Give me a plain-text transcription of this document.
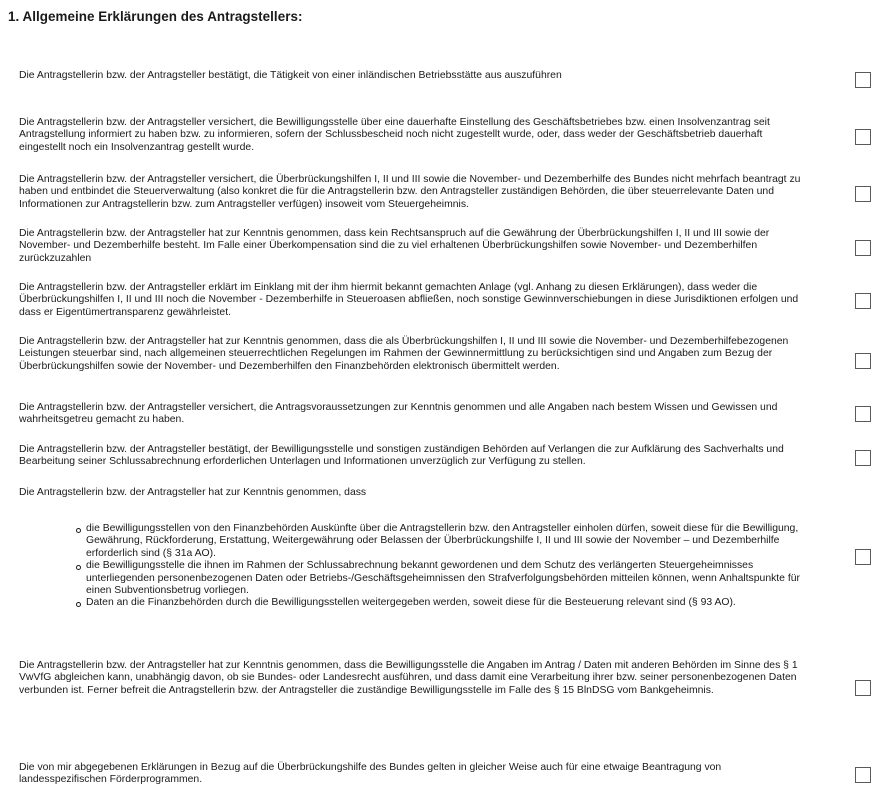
1. Allgemeine Erklärungen des Antragstellers:
Die Antragstellerin bzw. der Antragsteller bestätigt, die Tätigkeit von einer inländischen Betriebsstätte aus auszuführen
Die Antragstellerin bzw. der Antragsteller versichert, die Bewilligungsstelle über eine dauerhafte Einstellung des Geschäftsbetriebes bzw. einen Insolvenzantrag seit Antragstellung informiert zu haben bzw. zu informieren, sofern der Schlussbescheid noch nicht zugestellt wurde, oder, dass weder der Geschäftsbetrieb dauerhaft eingestellt noch ein Insolvenzantrag gestellt wurde.
Die Antragstellerin bzw. der Antragsteller versichert, die Überbrückungshilfen I, II und III sowie die November- und Dezemberhilfe des Bundes nicht mehrfach beantragt zu haben und entbindet die Steuerverwaltung (also konkret die für die Antragstellerin bzw. den Antragsteller zuständigen Behörden, die über steuerrelevante Daten und Informationen zur Antragstellerin bzw. zum Antragsteller verfügen) insoweit vom Steuergeheimnis.
Die Antragstellerin bzw. der Antragsteller hat zur Kenntnis genommen, dass kein Rechtsanspruch auf die Gewährung der Überbrückungshilfen I, II und III sowie der November- und Dezemberhilfe besteht. Im Falle einer Überkompensation sind die zu viel erhaltenen Überbrückungshilfen sowie November- und Dezemberhilfen zurückzuzahlen
Die Antragstellerin bzw. der Antragsteller erklärt im Einklang mit der ihm hiermit bekannt gemachten Anlage (vgl. Anhang zu diesen Erklärungen), dass weder die Überbrückungshilfen I, II und III noch die November - Dezemberhilfe in Steueroasen abfließen, noch sonstige Gewinnverschiebungen in diese Jurisdiktionen erfolgen und dass er Eigentümertransparenz gewährleistet.
Die Antragstellerin bzw. der Antragsteller hat zur Kenntnis genommen, dass die als Überbrückungshilfen I, II und III sowie die November- und Dezemberhilfebezogenen Leistungen steuerbar sind, nach allgemeinen steuerrechtlichen Regelungen im Rahmen der Gewinnermittlung zu berücksichtigen sind und Angaben zum Bezug der Überbrückungshilfen sowie der November- und Dezemberhilfen den Finanzbehörden elektronisch übermittelt werden.
Die Antragstellerin bzw. der Antragsteller versichert, die Antragsvoraussetzungen zur Kenntnis genommen und alle Angaben nach bestem Wissen und Gewissen und wahrheitsgetreu gemacht zu haben.
Die Antragstellerin bzw. der Antragsteller bestätigt, der Bewilligungsstelle und sonstigen zuständigen Behörden auf Verlangen die zur Aufklärung des Sachverhalts und Bearbeitung seiner Schlussabrechnung erforderlichen Unterlagen und Informationen unverzüglich zur Verfügung zu stellen.
Die Antragstellerin bzw. der Antragsteller hat zur Kenntnis genommen, dass
die Bewilligungsstellen von den Finanzbehörden Auskünfte über die Antragstellerin bzw. den Antragsteller einholen dürfen, soweit diese für die Bewilligung, Gewährung, Rückforderung, Erstattung, Weitergewährung oder Belassen der Überbrückungshilfe I, II und III sowie der November – und Dezemberhilfe erforderlich sind (§ 31a AO).
die Bewilligungsstelle die ihnen im Rahmen der Schlussabrechnung bekannt gewordenen und dem Schutz des verlängerten Steuergeheimnisses unterliegenden personenbezogenen Daten oder Betriebs-/Geschäftsgeheimnissen den Strafverfolgungsbehörden mitteilen können, wenn Anhaltspunkte für einen Subventionsbetrug vorliegen.
Daten an die Finanzbehörden durch die Bewilligungsstellen weitergegeben werden, soweit diese für die Besteuerung relevant sind (§ 93 AO).
Die Antragstellerin bzw. der Antragsteller hat zur Kenntnis genommen, dass die Bewilligungsstelle die Angaben im Antrag / Daten mit anderen Behörden im Sinne des § 1 VwVfG abgleichen kann, unabhängig davon, ob sie Bundes- oder Landesrecht ausführen, und dass damit eine Verarbeitung ihrer bzw. seiner personenbezogenen Daten verbunden ist. Ferner befreit die Antragstellerin bzw. der Antragsteller die zuständige Bewilligungsstelle im Falle des § 15 BlnDSG vom Bankgeheimnis.
Die von mir abgegebenen Erklärungen in Bezug auf die Überbrückungshilfe des Bundes gelten in gleicher Weise auch für eine etwaige Beantragung von landesspezifischen Förderprogrammen.
